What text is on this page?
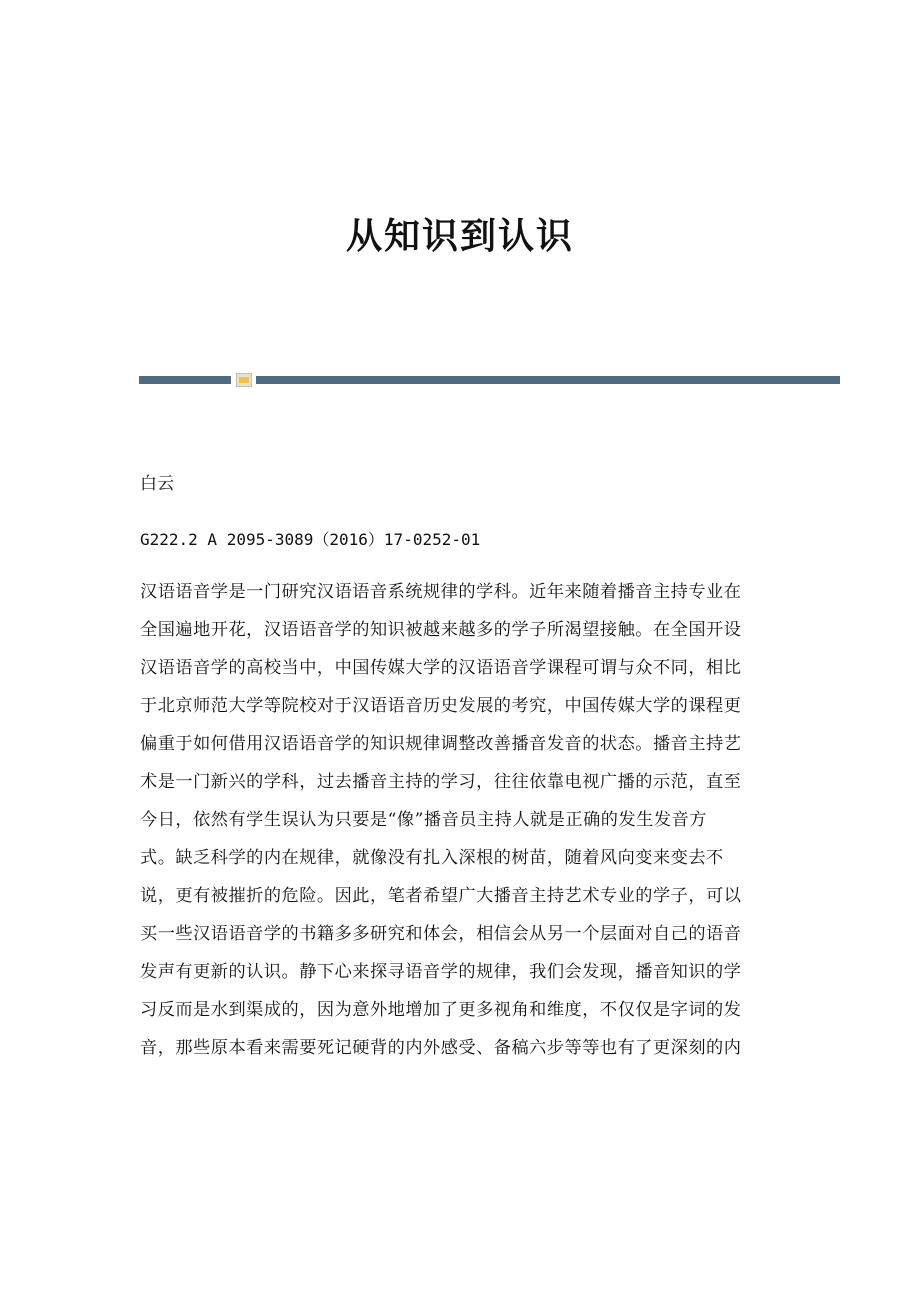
从知识到认识
白云
G222.2 A 2095-3089（2016）17-0252-01
汉语语音学是一门研究汉语语音系统规律的学科。近年来随着播音主持专业在
全国遍地开花，汉语语音学的知识被越来越多的学子所渴望接触。在全国开设
汉语语音学的高校当中，中国传媒大学的汉语语音学课程可谓与众不同，相比
于北京师范大学等院校对于汉语语音历史发展的考究，中国传媒大学的课程更
偏重于如何借用汉语语音学的知识规律调整改善播音发音的状态。播音主持艺
术是一门新兴的学科，过去播音主持的学习，往往依靠电视广播的示范，直至
今日，依然有学生误认为只要是“像”播音员主持人就是正确的发生发音方
式。缺乏科学的内在规律，就像没有扎入深根的树苗，随着风向变来变去不
说，更有被摧折的危险。因此，笔者希望广大播音主持艺术专业的学子，可以
买一些汉语语音学的书籍多多研究和体会，相信会从另一个层面对自己的语音
发声有更新的认识。静下心来探寻语音学的规律，我们会发现，播音知识的学
习反而是水到渠成的，因为意外地增加了更多视角和维度，不仅仅是字词的发
音，那些原本看来需要死记硬背的内外感受、备稿六步等等也有了更深刻的内
